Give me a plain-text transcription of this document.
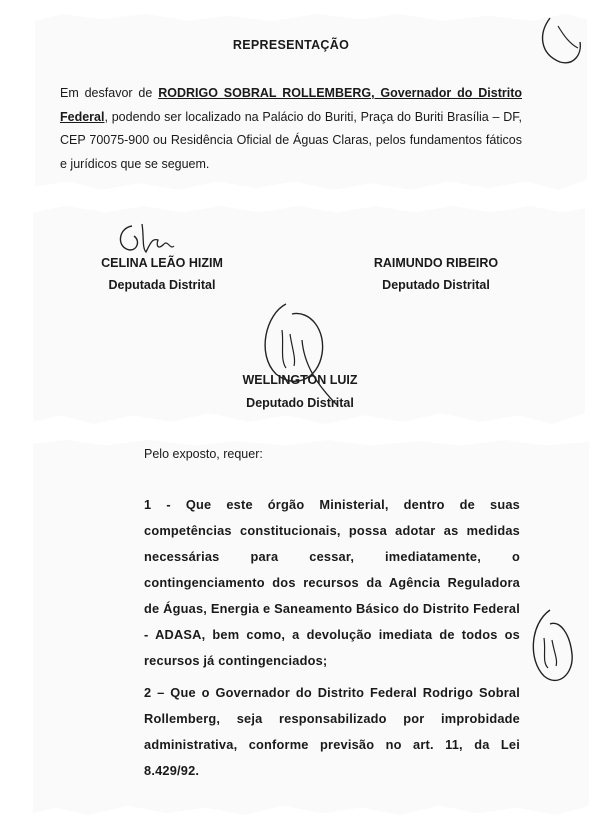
REPRESENTAÇÃO
Em desfavor de RODRIGO SOBRAL ROLLEMBERG, Governador do Distrito Federal, podendo ser localizado na Palácio do Buriti, Praça do Buriti Brasília – DF, CEP 70075-900 ou Residência Oficial de Águas Claras, pelos fundamentos fáticos e jurídicos que se seguem.
CELINA LEÃO HIZIM
Deputada Distrital
RAIMUNDO RIBEIRO
Deputado Distrital
WELLINGTON LUIZ
Deputado Distrital
Pelo exposto, requer:
1 - Que este órgão Ministerial, dentro de suas competências constitucionais, possa adotar as medidas necessárias para cessar, imediatamente, o contingenciamento dos recursos da Agência Reguladora de Águas, Energia e Saneamento Básico do Distrito Federal - ADASA, bem como, a devolução imediata de todos os recursos já contingenciados;
2 – Que o Governador do Distrito Federal Rodrigo Sobral Rollemberg, seja responsabilizado por improbidade administrativa, conforme previsão no art. 11, da Lei 8.429/92.
